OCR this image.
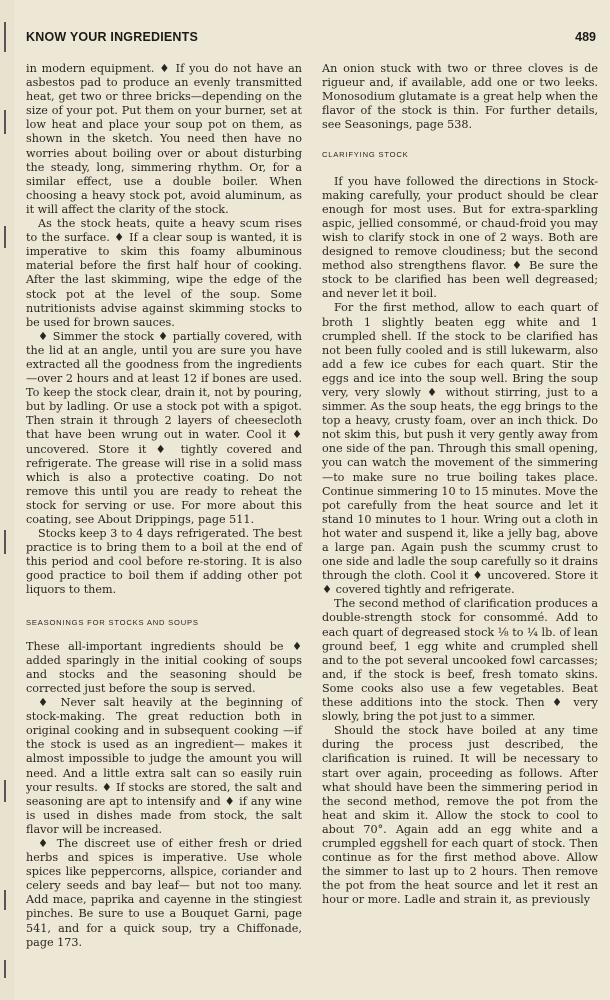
KNOW YOUR INGREDIENTS	489

in modern equipment. ♦ If you do not have an asbestos pad to produce an evenly transmitted heat, get two or three bricks—depending on the size of your pot. Put them on your burner, set at low heat and place your soup pot on them, as shown in the sketch. You need then have no worries about boiling over or about disturbing the steady, long, simmering rhythm. Or, for a similar effect, use a double boiler. When choosing a heavy stock pot, avoid aluminum, as it will affect the clarity of the stock.

As the stock heats, quite a heavy scum rises to the surface. ♦ If a clear soup is wanted, it is imperative to skim this foamy albuminous material before the first half hour of cooking. After the last skimming, wipe the edge of the stock pot at the level of the soup. Some nutritionists advise against skimming stocks to be used for brown sauces.

♦ Simmer the stock ♦ partially covered, with the lid at an angle, until you are sure you have extracted all the goodness from the ingredients—over 2 hours and at least 12 if bones are used. To keep the stock clear, drain it, not by pouring, but by ladling. Or use a stock pot with a spigot. Then strain it through 2 layers of cheesecloth that have been wrung out in water. Cool it ♦ uncovered. Store it ♦ tightly covered and refrigerate. The grease will rise in a solid mass which is also a protective coating. Do not remove this until you are ready to reheat the stock for serving or use. For more about this coating, see About Drippings, page 511.

Stocks keep 3 to 4 days refrigerated. The best practice is to bring them to a boil at the end of this period and cool before re-storing. It is also good practice to boil them if adding other pot liquors to them.

SEASONINGS FOR STOCKS AND SOUPS

These all-important ingredients should be ♦ added sparingly in the initial cooking of soups and stocks and the seasoning should be corrected just before the soup is served.

♦ Never salt heavily at the beginning of stock-making. The great reduction both in original cooking and in subsequent cooking —if the stock is used as an ingredient— makes it almost impossible to judge the amount you will need. And a little extra salt can so easily ruin your results. ♦ If stocks are stored, the salt and seasoning are apt to intensify and ♦ if any wine is used in dishes made from stock, the salt flavor will be increased.

♦ The discreet use of either fresh or dried herbs and spices is imperative. Use whole spices like peppercorns, allspice, coriander and celery seeds and bay leaf— but not too many. Add mace, paprika and cayenne in the stingiest pinches. Be sure to use a Bouquet Garni, page 541, and for a quick soup, try a Chiffonade, page 173.

An onion stuck with two or three cloves is de rigueur and, if available, add one or two leeks. Monosodium glutamate is a great help when the flavor of the stock is thin. For further details, see Seasonings, page 538.

CLARIFYING STOCK

If you have followed the directions in Stock-making carefully, your product should be clear enough for most uses. But for extra-sparkling aspic, jellied consommé, or chaud-froid you may wish to clarify stock in one of 2 ways. Both are designed to remove cloudiness; but the second method also strengthens flavor. ♦ Be sure the stock to be clarified has been well degreased; and never let it boil.

For the first method, allow to each quart of broth 1 slightly beaten egg white and 1 crumpled shell. If the stock to be clarified has not been fully cooled and is still lukewarm, also add a few ice cubes for each quart. Stir the eggs and ice into the soup well. Bring the soup very, very slowly ♦ without stirring, just to a simmer. As the soup heats, the egg brings to the top a heavy, crusty foam, over an inch thick. Do not skim this, but push it very gently away from one side of the pan. Through this small opening, you can watch the movement of the simmering—to make sure no true boiling takes place. Continue simmering 10 to 15 minutes. Move the pot carefully from the heat source and let it stand 10 minutes to 1 hour. Wring out a cloth in hot water and suspend it, like a jelly bag, above a large pan. Again push the scummy crust to one side and ladle the soup carefully so it drains through the cloth. Cool it ♦ uncovered. Store it ♦ covered tightly and refrigerate.

The second method of clarification produces a double-strength stock for consommé. Add to each quart of degreased stock ⅛ to ¼ lb. of lean ground beef, 1 egg white and crumpled shell and to the pot several uncooked fowl carcasses; and, if the stock is beef, fresh tomato skins. Some cooks also use a few vegetables. Beat these additions into the stock. Then ♦ very slowly, bring the pot just to a simmer.

Should the stock have boiled at any time during the process just described, the clarification is ruined. It will be necessary to start over again, proceeding as follows. After what should have been the simmering period in the second method, remove the pot from the heat and skim it. Allow the stock to cool to about 70°. Again add an egg white and a crumpled eggshell for each quart of stock. Then continue as for the first method above. Allow the simmer to last up to 2 hours. Then remove the pot from the heat source and let it rest an hour or more. Ladle and strain it, as previously
